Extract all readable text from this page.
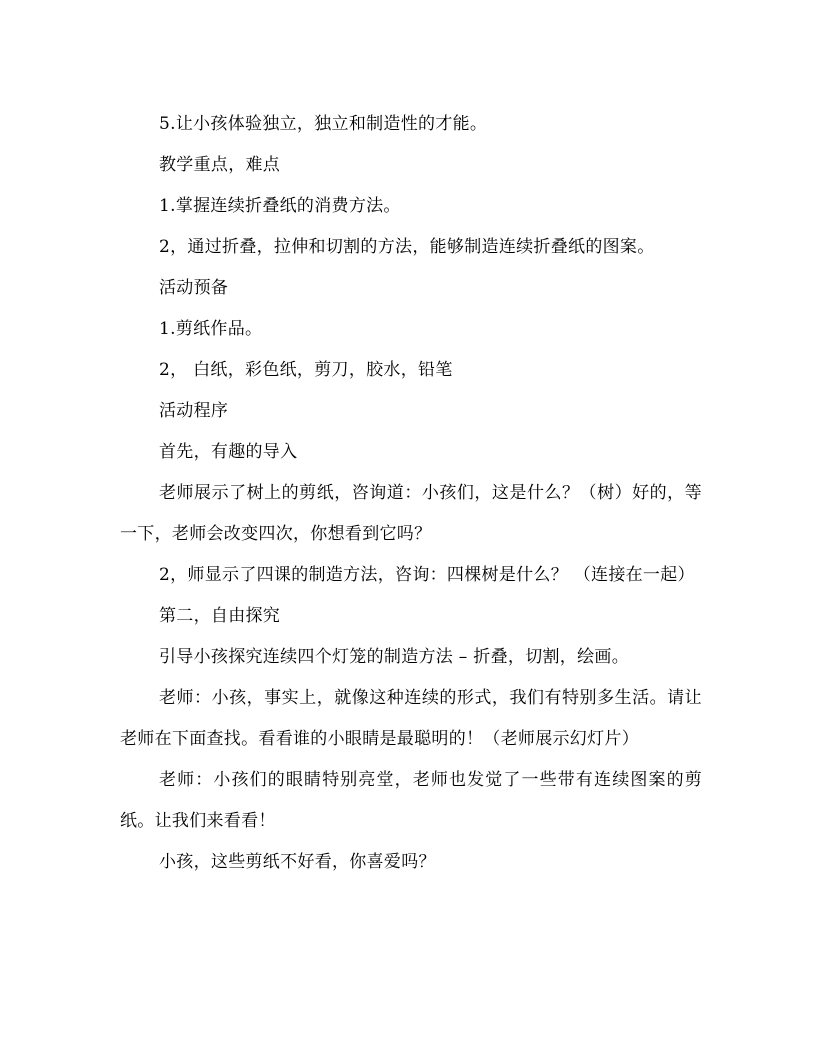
5.让小孩体验独立，独立和制造性的才能。

教学重点，难点

1.掌握连续折叠纸的消费方法。

2，通过折叠，拉伸和切割的方法，能够制造连续折叠纸的图案。

活动预备

1.剪纸作品。

2， 白纸，彩色纸，剪刀，胶水，铅笔

活动程序

首先，有趣的导入

老师展示了树上的剪纸，咨询道：小孩们，这是什么？（树）好的，等一下，老师会改变四次，你想看到它吗？

2，师显示了四课的制造方法，咨询：四棵树是什么？ （连接在一起）

第二，自由探究

引导小孩探究连续四个灯笼的制造方法 – 折叠，切割，绘画。

老师：小孩，事实上，就像这种连续的形式，我们有特别多生活。请让老师在下面查找。看看谁的小眼睛是最聪明的！（老师展示幻灯片）

老师：小孩们的眼睛特别亮堂，老师也发觉了一些带有连续图案的剪纸。让我们来看看！

小孩，这些剪纸不好看，你喜爱吗？
